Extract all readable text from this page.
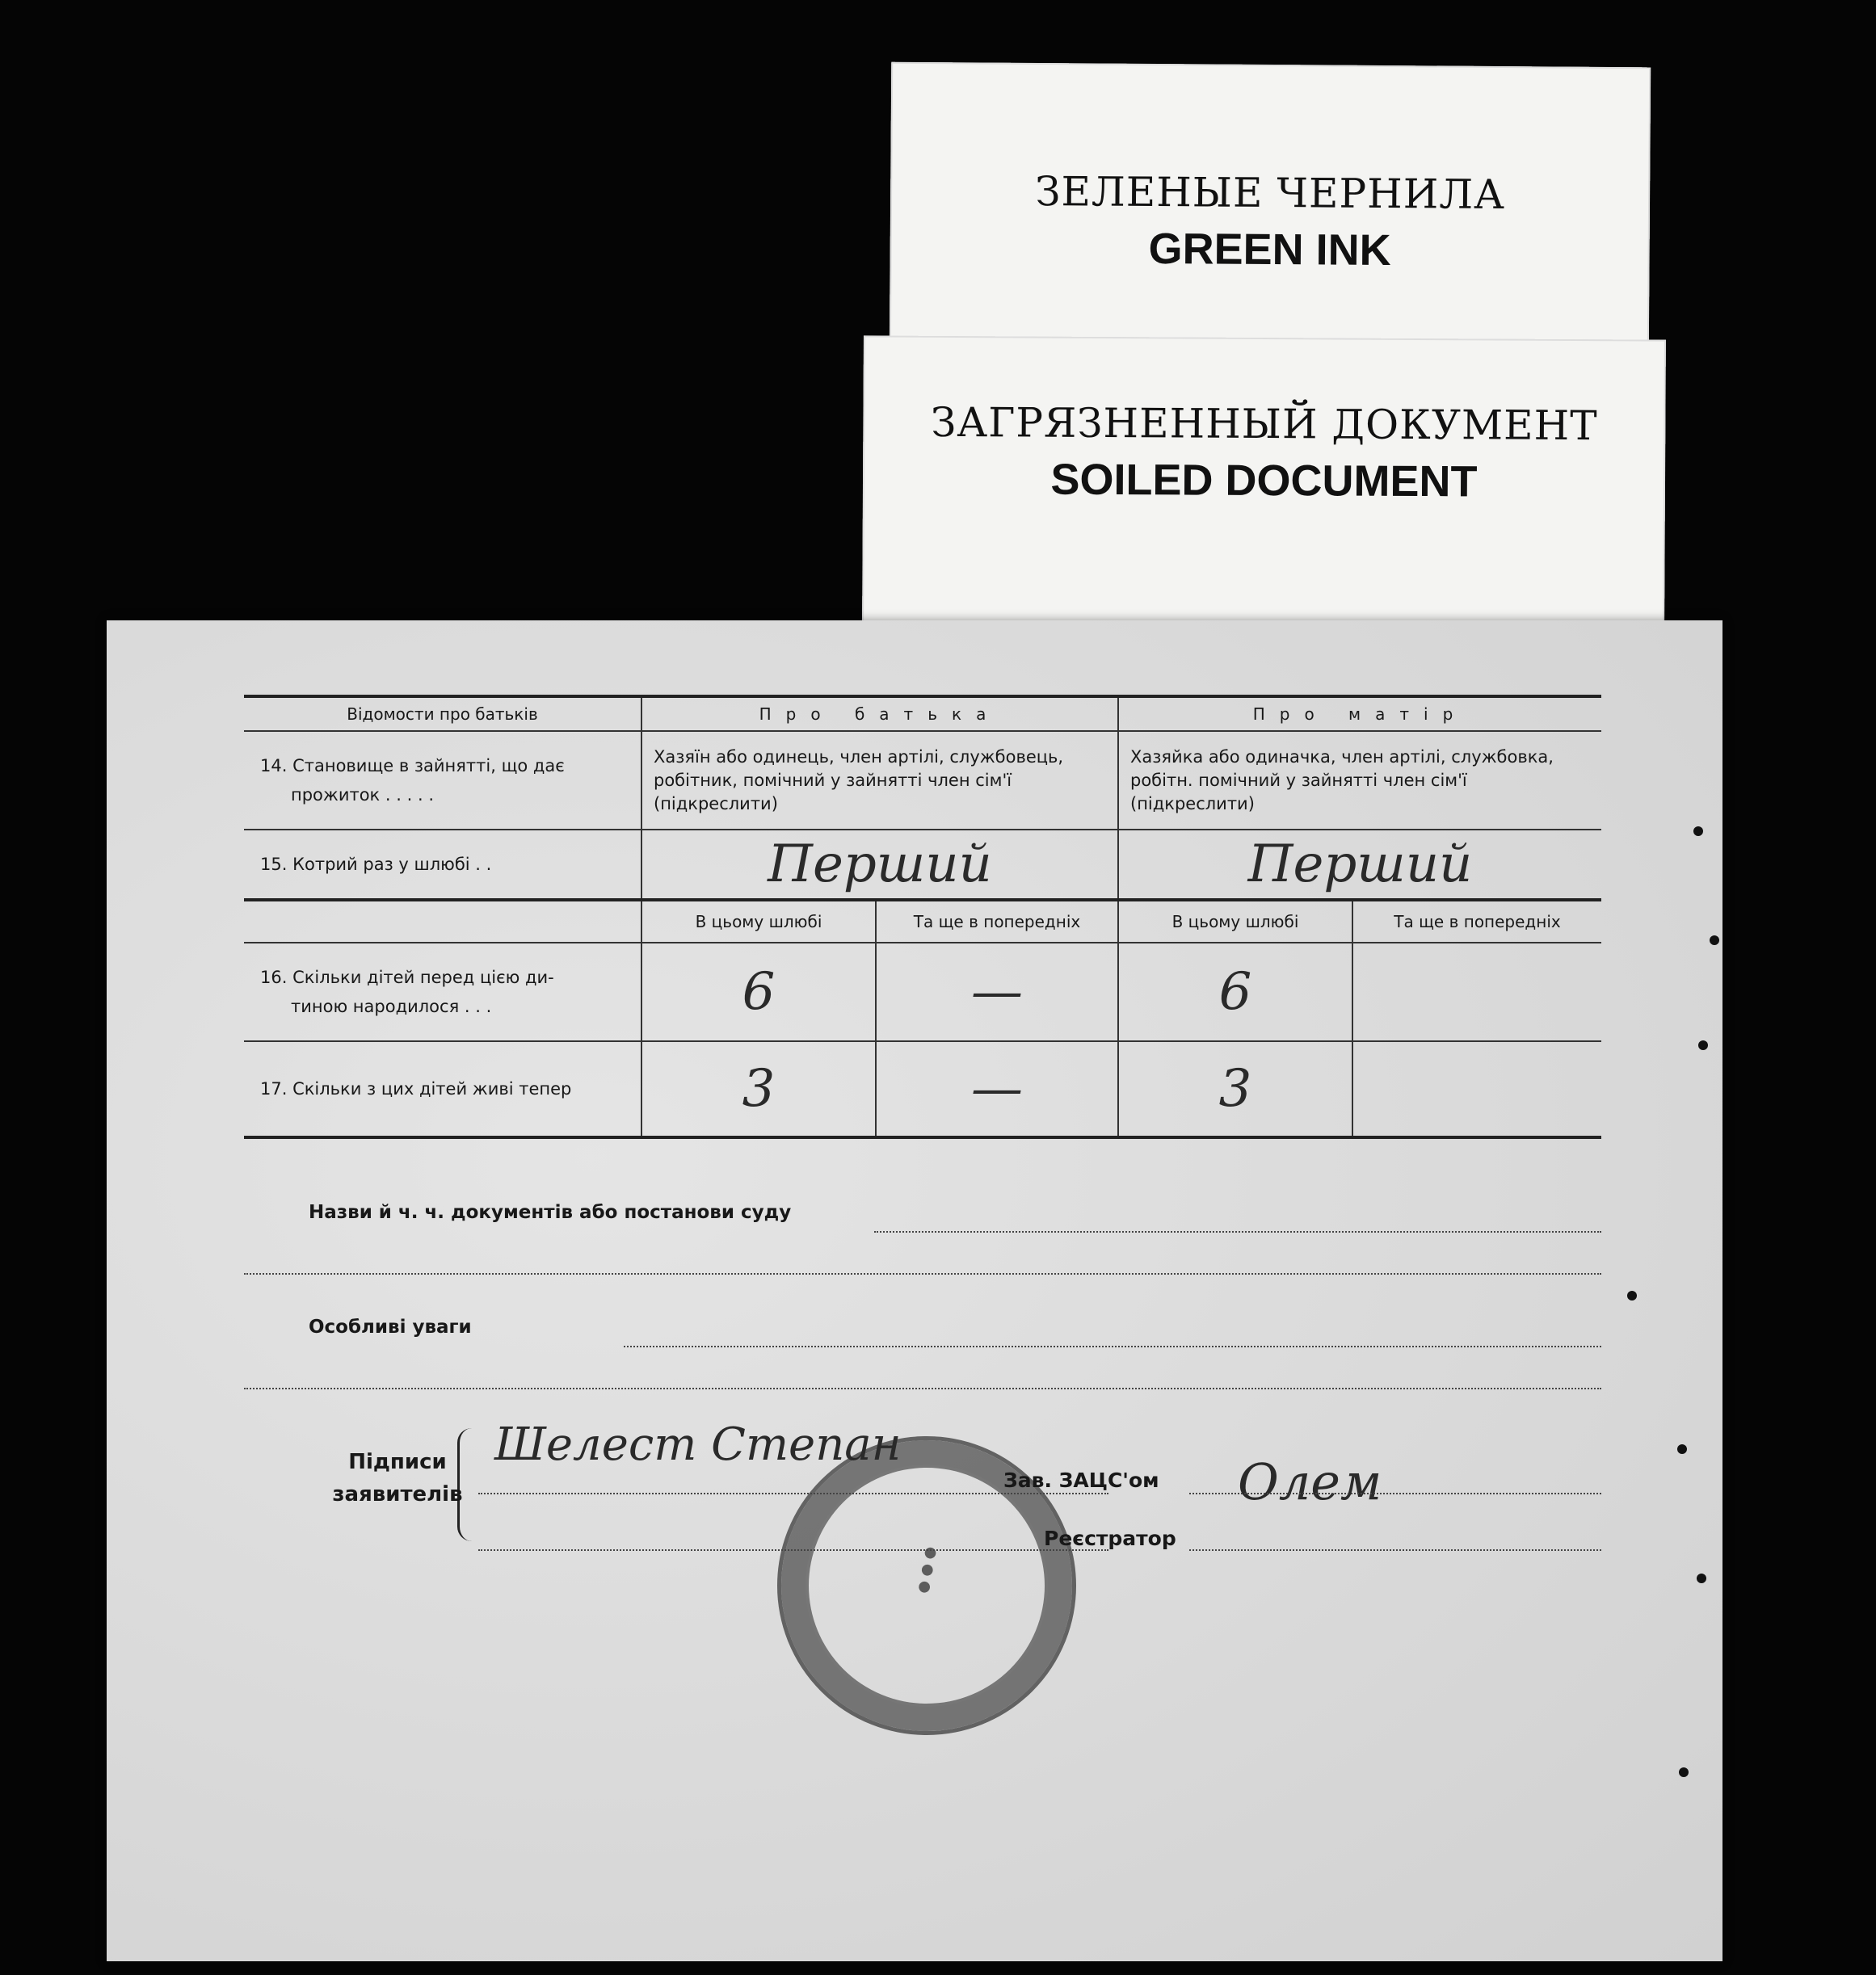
ЗЕЛЕНЫЕ ЧЕРНИЛА
GREEN INK
ЗАГРЯЗНЕННЫЙ ДОКУМЕНТ
SOILED DOCUMENT
Відомости про батьків	Про батька		Про матір	

14. Становище в зайнятті, що дає
прожиток . . . . .	Хазяїн або одинець, член артілі, службовець, робітник, помічний у зайнятті член сім'ї (підкреслити)		Хазяйка або одиначка, член артілі, службовка, робітн. помічний у зайнятті член сім'ї (підкреслити)	
15. Котрий раз у шлюбі . .	Перший		Перший	

	В цьому шлюбі	Та ще в попередніх	В цьому шлюбі	Та ще в попередніх

16. Скільки дітей перед цією ди-
тиною народилося . . .	6	—	6	

17. Скільки з цих дітей живі тепер	3	—	3	

Назви й ч. ч. документів або постанови суду
Особливі уваги
● ● ●
Підписи
заявителів
Шелест Степан
Зав. ЗАЦС'ом
Реєстратор
Олем
